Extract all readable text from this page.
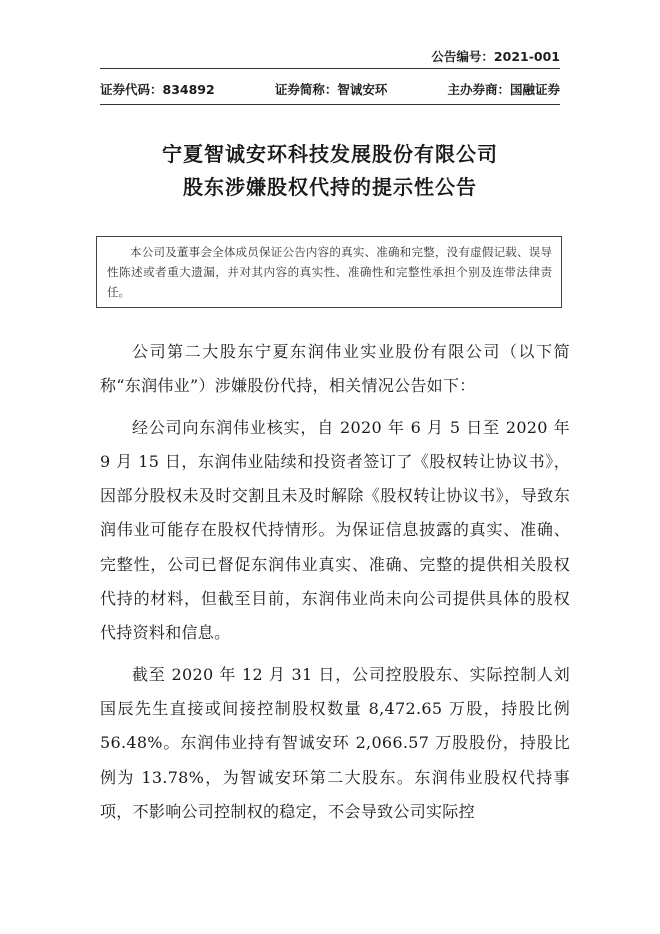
公告编号：2021-001
证券代码：834892	证券简称：智诚安环	主办券商：国融证券
宁夏智诚安环科技发展股份有限公司
股东涉嫌股权代持的提示性公告
本公司及董事会全体成员保证公告内容的真实、准确和完整，没有虚假记载、误导性陈述或者重大遗漏，并对其内容的真实性、准确性和完整性承担个别及连带法律责任。

公司第二大股东宁夏东润伟业实业股份有限公司（以下简称“东润伟业”）涉嫌股份代持，相关情况公告如下：

经公司向东润伟业核实，自 2020 年 6 月 5 日至 2020 年 9 月 15 日，东润伟业陆续和投资者签订了《股权转让协议书》，因部分股权未及时交割且未及时解除《股权转让协议书》，导致东润伟业可能存在股权代持情形。为保证信息披露的真实、准确、完整性，公司已督促东润伟业真实、准确、完整的提供相关股权代持的材料，但截至目前，东润伟业尚未向公司提供具体的股权代持资料和信息。

截至 2020 年 12 月 31 日，公司控股股东、实际控制人刘国辰先生直接或间接控制股权数量 8,472.65 万股，持股比例 56.48%。东润伟业持有智诚安环 2,066.57 万股股份，持股比例为 13.78%，为智诚安环第二大股东。东润伟业股权代持事项，不影响公司控制权的稳定，不会导致公司实际控
